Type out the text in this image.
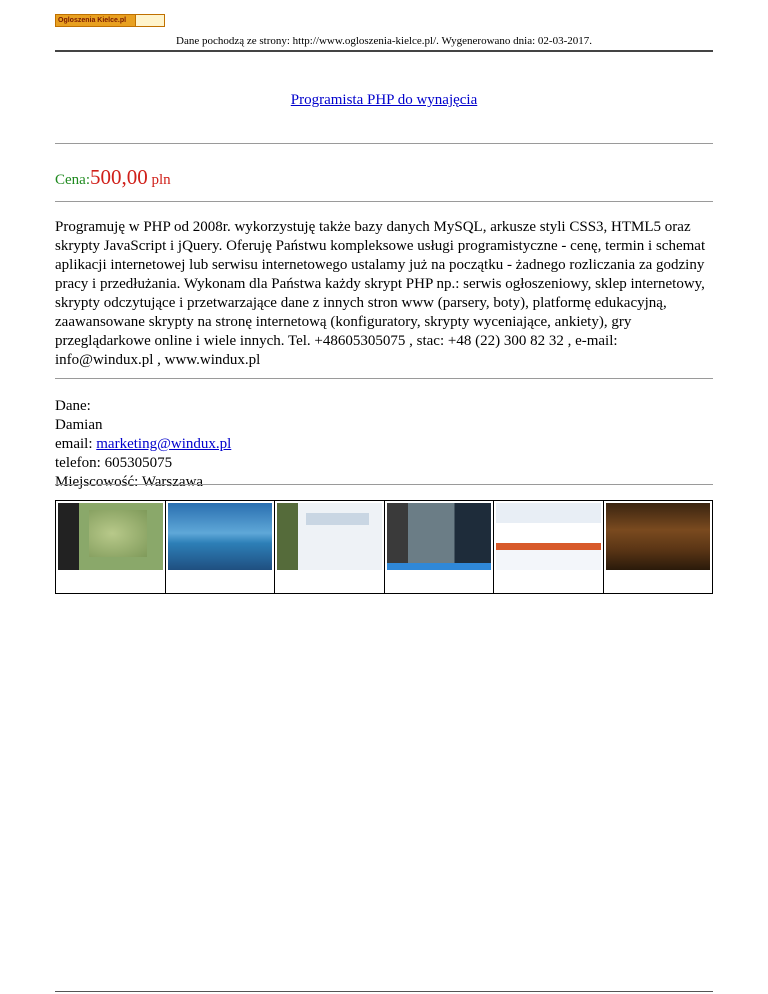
Ogloszenia Kielce.pl
Dane pochodzą ze strony: http://www.ogloszenia-kielce.pl/. Wygenerowano dnia: 02-03-2017.
Programista PHP do wynajęcia
Cena:500,00 pln
Programuję w PHP od 2008r. wykorzystuję także bazy danych MySQL, arkusze styli CSS3, HTML5 oraz skrypty JavaScript i jQuery. Oferuję Państwu kompleksowe usługi programistyczne - cenę, termin i schemat aplikacji internetowej lub serwisu internetowego ustalamy już na początku - żadnego rozliczania za godziny pracy i przedłużania. Wykonam dla Państwa każdy skrypt PHP np.: serwis ogłoszeniowy, sklep internetowy, skrypty odczytujące i przetwarzające dane z innych stron www (parsery, boty), platformę edukacyjną, zaawansowane skrypty na stronę internetową (konfiguratory, skrypty wyceniające, ankiety), gry przeglądarkowe online i wiele innych. Tel. +48605305075 , stac: +48 (22) 300 82 32 , e-mail: info@windux.pl , www.windux.pl
Dane:
Damian
email: marketing@windux.pl
telefon: 605305075
Miejscowość: Warszawa
